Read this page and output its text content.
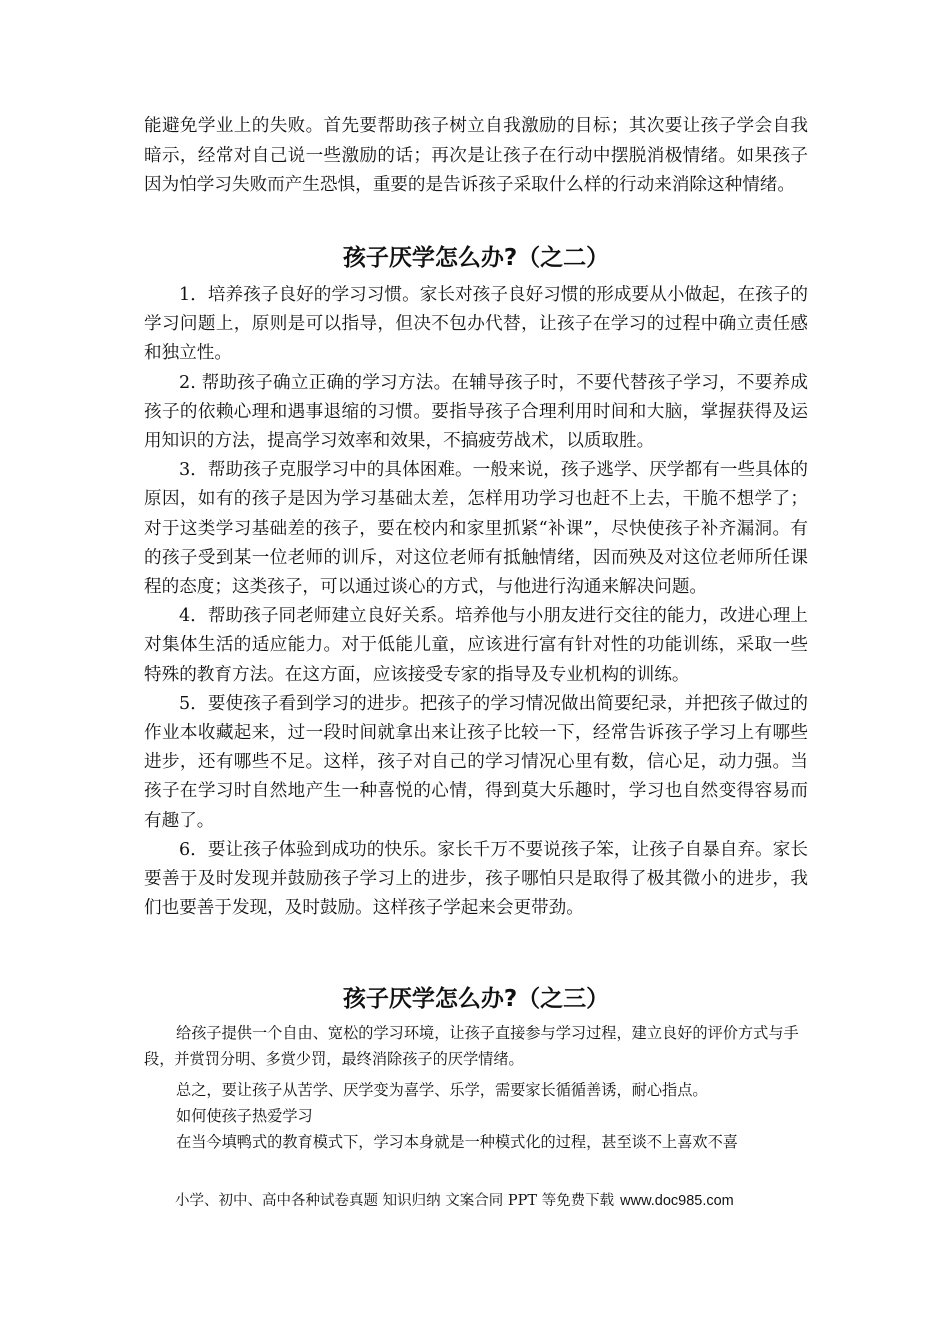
能避免学业上的失败。首先要帮助孩子树立自我激励的目标；其次要让孩子学会自我暗示，经常对自己说一些激励的话；再次是让孩子在行动中摆脱消极情绪。如果孩子因为怕学习失败而产生恐惧，重要的是告诉孩子采取什么样的行动来消除这种情绪。

孩子厌学怎么办?（之二）

1．培养孩子良好的学习习惯。家长对孩子良好习惯的形成要从小做起，在孩子的学习问题上，原则是可以指导，但决不包办代替，让孩子在学习的过程中确立责任感和独立性。

2. 帮助孩子确立正确的学习方法。在辅导孩子时，不要代替孩子学习，不要养成孩子的依赖心理和遇事退缩的习惯。要指导孩子合理利用时间和大脑，掌握获得及运用知识的方法，提高学习效率和效果，不搞疲劳战术，以质取胜。

3．帮助孩子克服学习中的具体困难。一般来说，孩子逃学、厌学都有一些具体的原因，如有的孩子是因为学习基础太差，怎样用功学习也赶不上去，干脆不想学了；对于这类学习基础差的孩子，要在校内和家里抓紧“补课”，尽快使孩子补齐漏洞。有的孩子受到某一位老师的训斥，对这位老师有抵触情绪，因而殃及对这位老师所任课程的态度；这类孩子，可以通过谈心的方式，与他进行沟通来解决问题。

4．帮助孩子同老师建立良好关系。培养他与小朋友进行交往的能力，改进心理上对集体生活的适应能力。对于低能儿童，应该进行富有针对性的功能训练，采取一些特殊的教育方法。在这方面，应该接受专家的指导及专业机构的训练。

5．要使孩子看到学习的进步。把孩子的学习情况做出简要纪录，并把孩子做过的作业本收藏起来，过一段时间就拿出来让孩子比较一下，经常告诉孩子学习上有哪些进步，还有哪些不足。这样，孩子对自己的学习情况心里有数，信心足，动力强。当孩子在学习时自然地产生一种喜悦的心情，得到莫大乐趣时，学习也自然变得容易而有趣了。

6．要让孩子体验到成功的快乐。家长千万不要说孩子笨，让孩子自暴自弃。家长要善于及时发现并鼓励孩子学习上的进步，孩子哪怕只是取得了极其微小的进步，我们也要善于发现，及时鼓励。这样孩子学起来会更带劲。

孩子厌学怎么办?（之三）

给孩子提供一个自由、宽松的学习环境，让孩子直接参与学习过程，建立良好的评价方式与手段，并赏罚分明、多赏少罚，最终消除孩子的厌学情绪。

总之，要让孩子从苦学、厌学变为喜学、乐学，需要家长循循善诱，耐心指点。

如何使孩子热爱学习

在当今填鸭式的教育模式下，学习本身就是一种模式化的过程，甚至谈不上喜欢不喜

小学、初中、高中各种试卷真题 知识归纳 文案合同 PPT 等免费下载 www.doc985.com
